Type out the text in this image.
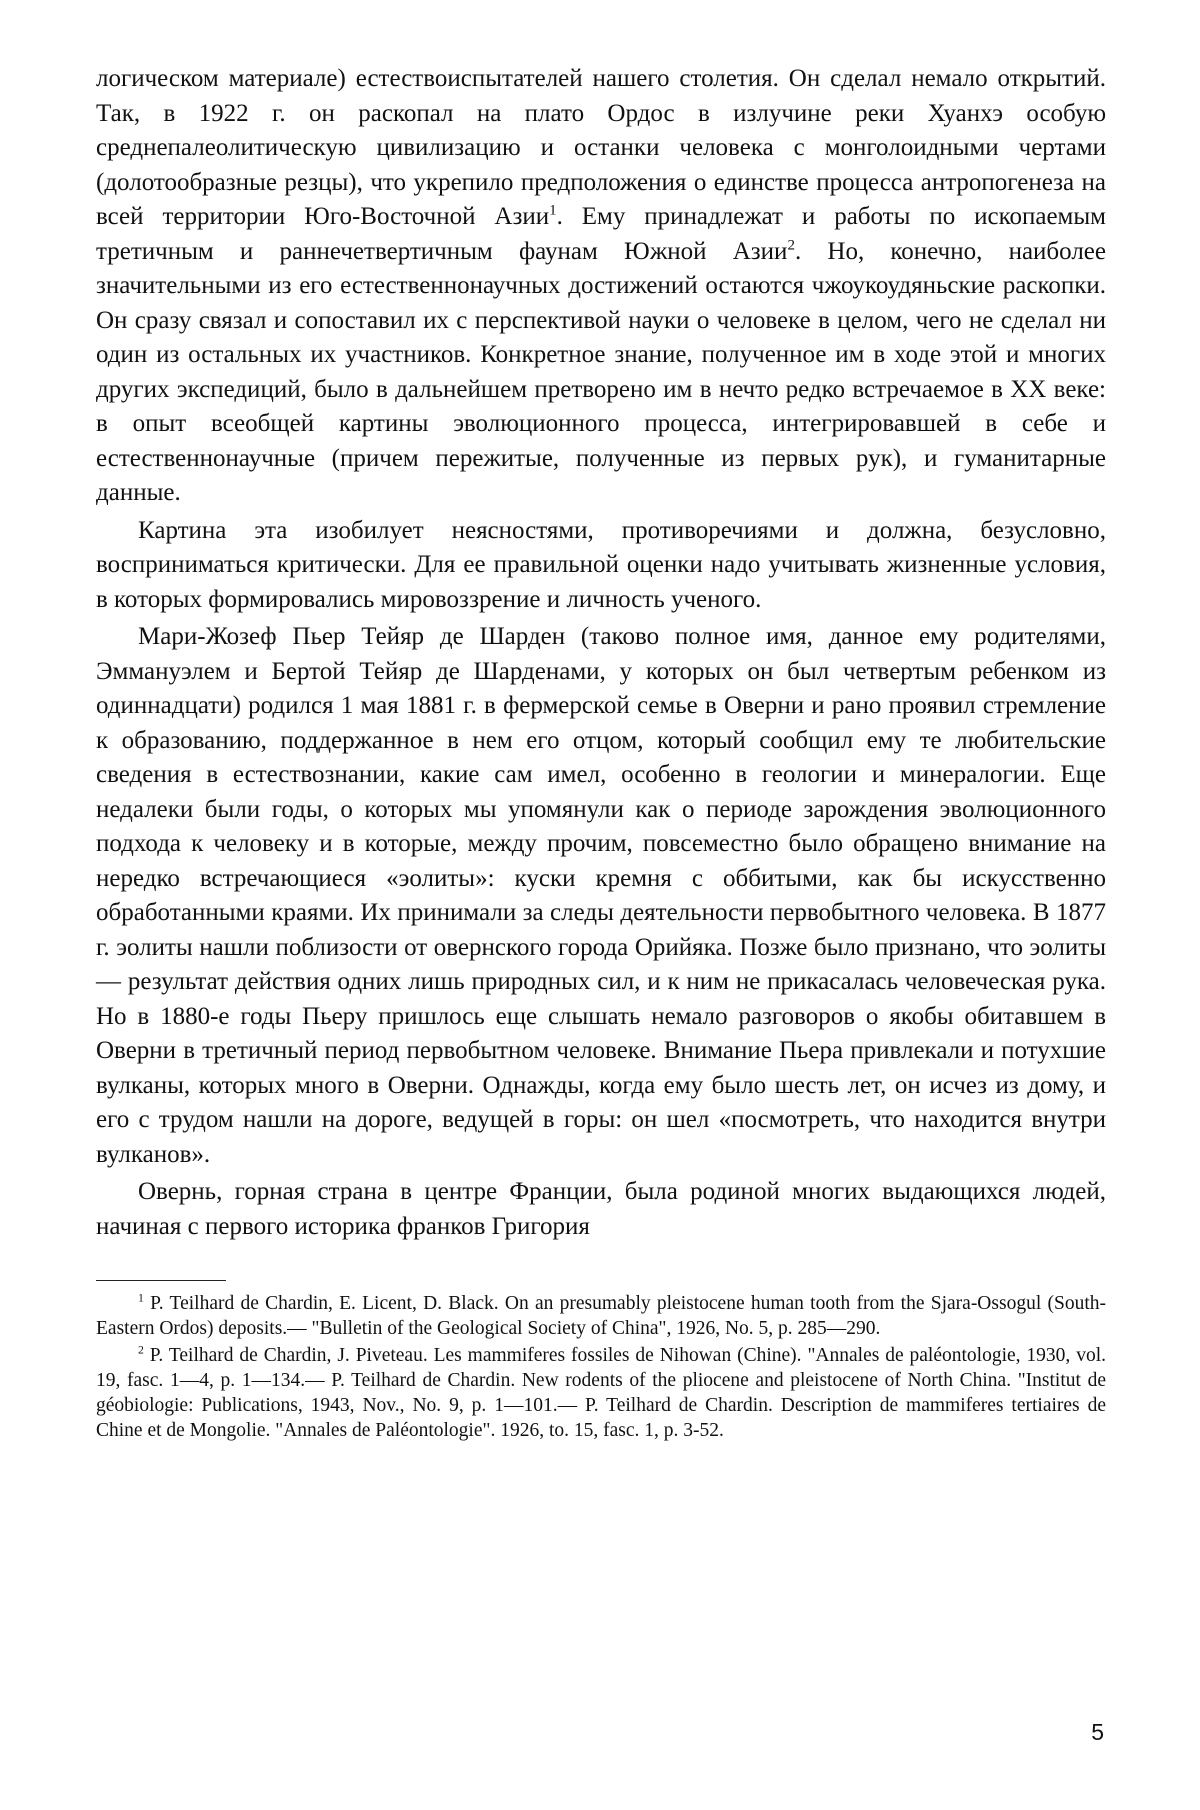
логическом материале) естествоиспытателей нашего столетия. Он сделал немало открытий. Так, в 1922 г. он раскопал на плато Ордос в излучине реки Хуанхэ особую среднепалеолитическую цивилизацию и останки человека с монголоидными чертами (долотообразные резцы), что укрепило предположения о единстве процесса антропогенеза на всей территории Юго-Восточной Азии$^1$. Ему принадлежат и работы по ископаемым третичным и раннечетвертичным фаунам Южной Азии$^2$. Но, конечно, наиболее значительными из его естественнонаучных достижений остаются чжоукоудяньские раскопки. Он сразу связал и сопоставил их с перспективой науки о человеке в целом, чего не сделал ни один из остальных их участников. Конкретное знание, полученное им в ходе этой и многих других экспедиций, было в дальнейшем претворено им в нечто редко встречаемое в XX веке: в опыт всеобщей картины эволюционного процесса, интегрировавшей в себе и естественнонаучные (причем пережитые, полученные из первых рук), и гуманитарные данные.

Картина эта изобилует неясностями, противоречиями и должна, безусловно, восприниматься критически. Для ее правильной оценки надо учитывать жизненные условия, в которых формировались мировоззрение и личность ученого.

Мари-Жозеф Пьер Тейяр де Шарден (таково полное имя, данное ему родителями, Эммануэлем и Бертой Тейяр де Шарденами, у которых он был четвертым ребенком из одиннадцати) родился 1 мая 1881 г. в фермерской семье в Оверни и рано проявил стремление к образованию, поддержанное в нем его отцом, который сообщил ему те любительские сведения в естествознании, какие сам имел, особенно в геологии и минералогии. Еще недалеки были годы, о которых мы упомянули как о периоде зарождения эволюционного подхода к человеку и в которые, между прочим, повсеместно было обращено внимание на нередко встречающиеся «эолиты»: куски кремня с оббитыми, как бы искусственно обработанными краями. Их принимали за следы деятельности первобытного человека. В 1877 г. эолиты нашли поблизости от овернского города Орийяка. Позже было признано, что эолиты — результат действия одних лишь природных сил, и к ним не прикасалась человеческая рука. Но в 1880-е годы Пьеру пришлось еще слышать немало разговоров о якобы обитавшем в Оверни в третичный период первобытном человеке. Внимание Пьера привлекали и потухшие вулканы, которых много в Оверни. Однажды, когда ему было шесть лет, он исчез из дому, и его с трудом нашли на дороге, ведущей в горы: он шел «посмотреть, что находится внутри вулканов».

Овернь, горная страна в центре Франции, была родиной многих выдающихся людей, начиная с первого историка франков Григория

$^1$ P. Teilhard de Chardin, E. Licent, D. Black. On an presumably pleistocene human tooth from the Sjara-Ossogul (South-Eastern Ordos) deposits.— "Bulletin of the Geological Society of China", 1926, No. 5, p. 285—290.

$^2$ P. Teilhard de Chardin, J. Piveteau. Les mammiferes fossiles de Nihowan (Chine). "Annales de paléontologie, 1930, vol. 19, fasc. 1—4, p. 1—134.— P. Teilhard de Chardin. New rodents of the pliocene and pleistocene of North China. "Institut de géobiologie: Publications, 1943, Nov., No. 9, p. 1—101.— P. Teilhard de Chardin. Description de mammiferes tertiaires de Chine et de Mongolie. "Annales de Paléontologie". 1926, to. 15, fasc. 1, p. 3-52.

5
